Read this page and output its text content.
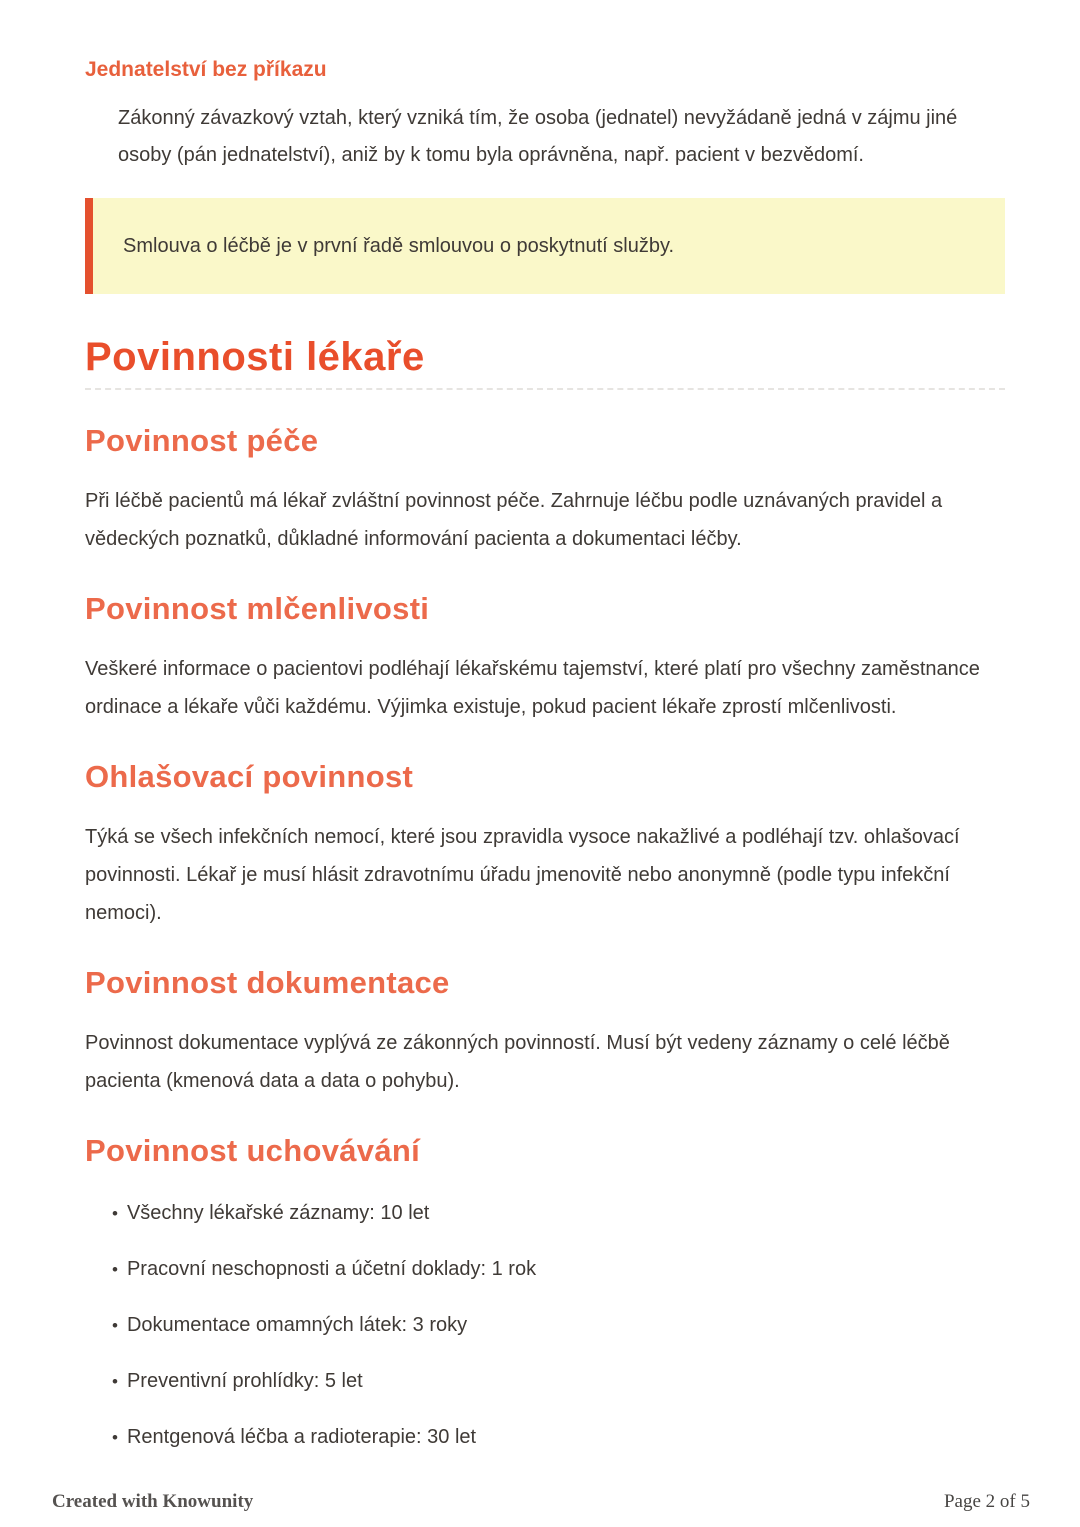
Jednatelství bez příkazu

Zákonný závazkový vztah, který vzniká tím, že osoba (jednatel) nevyžádaně jedná v zájmu jiné osoby (pán jednatelství), aniž by k tomu byla oprávněna, např. pacient v bezvědomí.

Smlouva o léčbě je v první řadě smlouvou o poskytnutí služby.

Povinnosti lékaře
Povinnost péče

Při léčbě pacientů má lékař zvláštní povinnost péče. Zahrnuje léčbu podle uznávaných pravidel a vědeckých poznatků, důkladné informování pacienta a dokumentaci léčby.

Povinnost mlčenlivosti

Veškeré informace o pacientovi podléhají lékařskému tajemství, které platí pro všechny zaměstnance ordinace a lékaře vůči každému. Výjimka existuje, pokud pacient lékaře zprostí mlčenlivosti.

Ohlašovací povinnost

Týká se všech infekčních nemocí, které jsou zpravidla vysoce nakažlivé a podléhají tzv. ohlašovací povinnosti. Lékař je musí hlásit zdravotnímu úřadu jmenovitě nebo anonymně (podle typu infekční nemoci).

Povinnost dokumentace

Povinnost dokumentace vyplývá ze zákonných povinností. Musí být vedeny záznamy o celé léčbě pacienta (kmenová data a data o pohybu).

Povinnost uchovávání
• Všechny lékařské záznamy: 10 let
• Pracovní neschopnosti a účetní doklady: 1 rok
• Dokumentace omamných látek: 3 roky
• Preventivní prohlídky: 5 let
• Rentgenová léčba a radioterapie: 30 let
Created with Knowunity	Page 2 of 5
